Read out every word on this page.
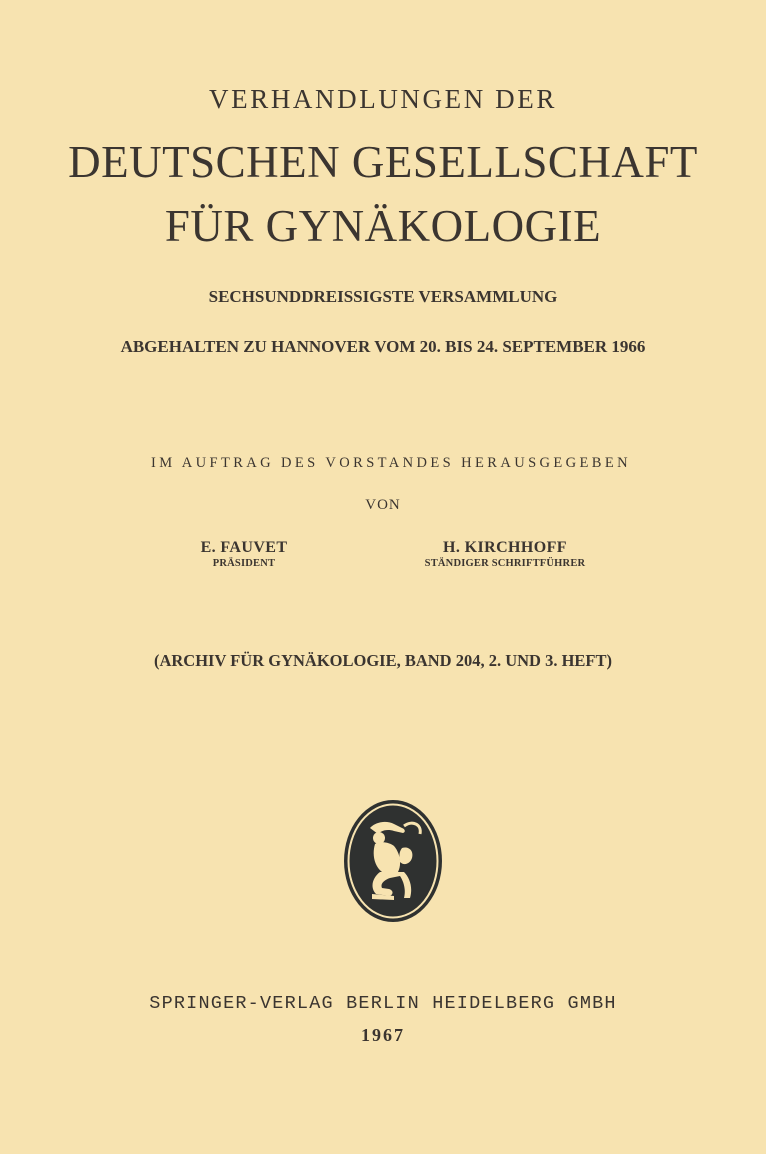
VERHANDLUNGEN DER
DEUTSCHEN GESELLSCHAFT
FÜR GYNÄKOLOGIE
SECHSUNDDREISSIGSTE VERSAMMLUNG
ABGEHALTEN ZU HANNOVER VOM 20. BIS 24. SEPTEMBER 1966
IM AUFTRAG DES VORSTANDES HERAUSGEGEBEN
VON
E. FAUVET
PRÄSIDENT
H. KIRCHHOFF
STÄNDIGER SCHRIFTFÜHRER
(ARCHIV FÜR GYNÄKOLOGIE, BAND 204, 2. UND 3. HEFT)
SPRINGER-VERLAG BERLIN HEIDELBERG GMBH
1967
